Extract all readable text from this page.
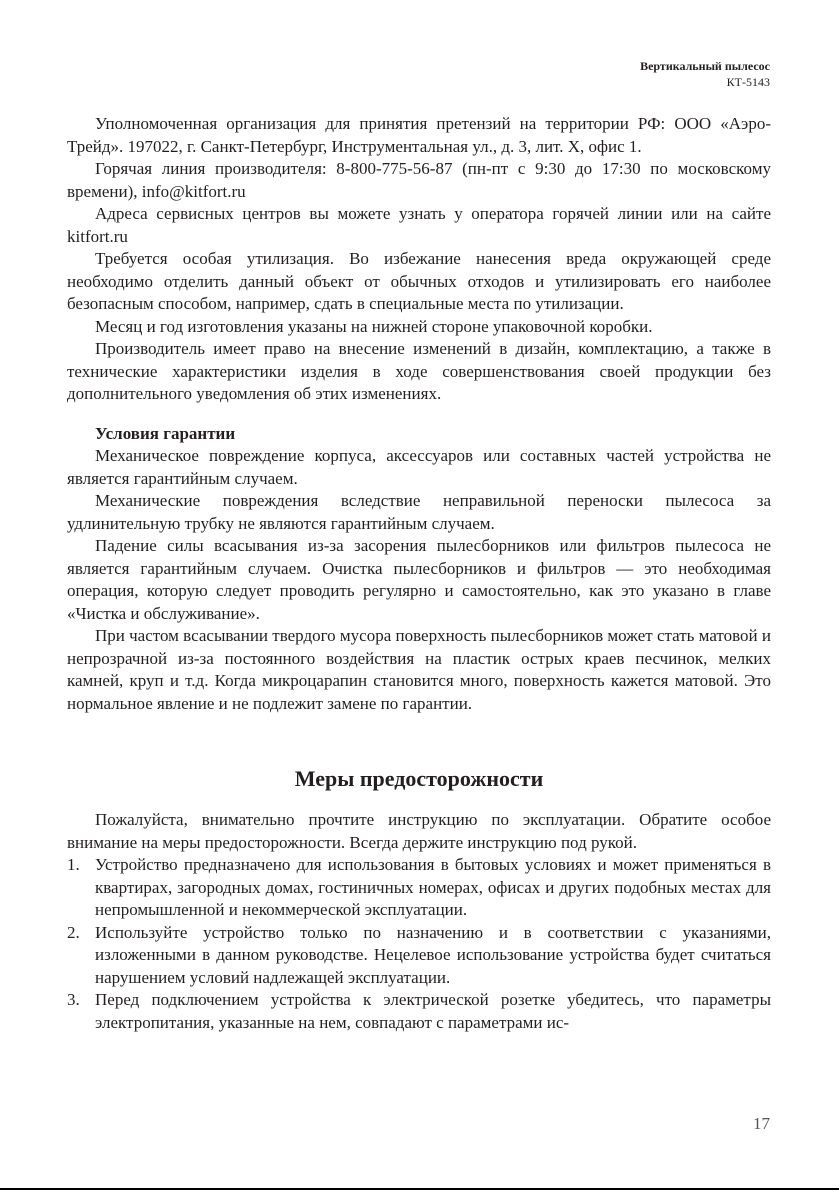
Вертикальный пылесос
КТ-5143

Уполномоченная организация для принятия претензий на территории РФ: ООО «Аэро-Трейд». 197022, г. Санкт-Петербург, Инструментальная ул., д. 3, лит. Х, офис 1.

Горячая линия производителя: 8-800-775-56-87 (пн-пт с 9:30 до 17:30 по московскому времени), info@kitfort.ru

Адреса сервисных центров вы можете узнать у оператора горячей линии или на сайте kitfort.ru

Требуется особая утилизация. Во избежание нанесения вреда окружающей среде необходимо отделить данный объект от обычных отходов и утилизировать его наиболее безопасным способом, например, сдать в специальные места по утилизации.

Месяц и год изготовления указаны на нижней стороне упаковочной коробки.

Производитель имеет право на внесение изменений в дизайн, комплектацию, а также в технические характеристики изделия в ходе совершенствования своей продукции без дополнительного уведомления об этих изменениях.

Условия гарантии

Механическое повреждение корпуса, аксессуаров или составных частей устройства не является гарантийным случаем.

Механические повреждения вследствие неправильной переноски пылесоса за удлинительную трубку не являются гарантийным случаем.

Падение силы всасывания из-за засорения пылесборников или фильтров пылесоса не является гарантийным случаем. Очистка пылесборников и фильтров — это необходимая операция, которую следует проводить регулярно и самостоятельно, как это указано в главе «Чистка и обслуживание».

При частом всасывании твердого мусора поверхность пылесборников может стать матовой и непрозрачной из-за постоянного воздействия на пластик острых краев песчинок, мелких камней, круп и т.д. Когда микроцарапин становится много, поверхность кажется матовой. Это нормальное явление и не подлежит замене по гарантии.

Меры предосторожности

Пожалуйста, внимательно прочтите инструкцию по эксплуатации. Обратите особое внимание на меры предосторожности. Всегда держите инструкцию под рукой.

1. Устройство предназначено для использования в бытовых условиях и может применяться в квартирах, загородных домах, гостиничных номерах, офисах и других подобных местах для непромышленной и некоммерческой эксплуатации.
2. Используйте устройство только по назначению и в соответствии с указаниями, изложенными в данном руководстве. Нецелевое использование устройства будет считаться нарушением условий надлежащей эксплуатации.
3. Перед подключением устройства к электрической розетке убедитесь, что параметры электропитания, указанные на нем, совпадают с параметрами ис-
17
